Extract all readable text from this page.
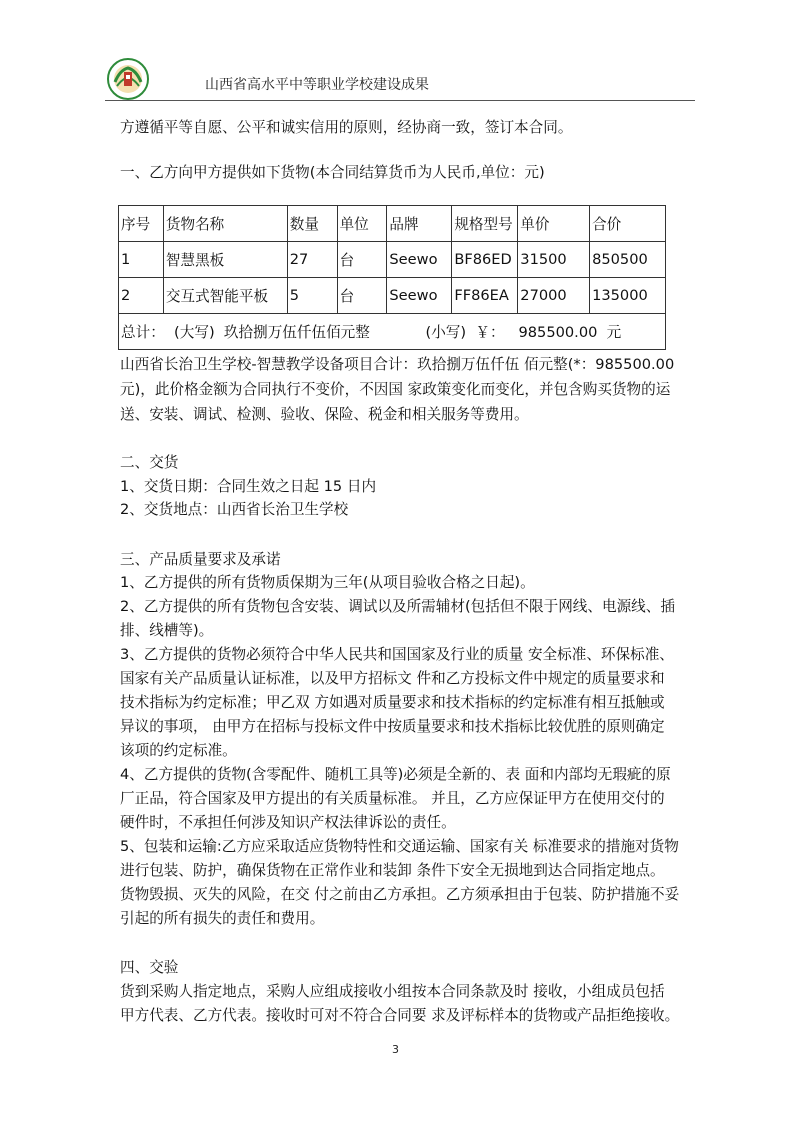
山西省高水平中等职业学校建设成果
方遵循平等自愿、公平和诚实信用的原则，经协商一致，签订本合同。
一、乙方向甲方提供如下货物(本合同结算货币为人民币,单位：元)
序号	货物名称	数量	单位	品牌	规格型号	单价	合价
1	智慧黑板	27	台	Seewo	BF86ED	31500	850500
2	交互式智能平板	5	台	Seewo	FF86EA	27000	135000
总计：  (大写)  玖拾捌万伍仟伍佰元整            (小写)  ￥：   985500.00  元							
山西省长治卫生学校-智慧教学设备项目合计：玖拾捌万伍仟伍 佰元整(*：985500.00
元)，此价格金额为合同执行不变价，不因国 家政策变化而变化，并包含购买货物的运
送、安装、调试、检测、验收、保险、税金和相关服务等费用。
二、交货
1、交货日期：合同生效之日起 15 日内
2、交货地点：山西省长治卫生学校
三、产品质量要求及承诺
1、乙方提供的所有货物质保期为三年(从项目验收合格之日起)。
2、乙方提供的所有货物包含安装、调试以及所需辅材(包括但不限于网线、电源线、插
排、线槽等)。
3、乙方提供的货物必须符合中华人民共和国国家及行业的质量 安全标准、环保标准、
国家有关产品质量认证标准，以及甲方招标文 件和乙方投标文件中规定的质量要求和
技术指标为约定标准；甲乙双 方如遇对质量要求和技术指标的约定标准有相互抵触或
异议的事项， 由甲方在招标与投标文件中按质量要求和技术指标比较优胜的原则确定
该项的约定标准。
4、乙方提供的货物(含零配件、随机工具等)必须是全新的、表 面和内部均无瑕疵的原
厂正品，符合国家及甲方提出的有关质量标准。 并且，乙方应保证甲方在使用交付的
硬件时，不承担任何涉及知识产权法律诉讼的责任。
5、包装和运输:乙方应采取适应货物特性和交通运输、国家有关 标准要求的措施对货物
进行包装、防护，确保货物在正常作业和装卸 条件下安全无损地到达合同指定地点。
货物毁损、灭失的风险，在交 付之前由乙方承担。乙方须承担由于包装、防护措施不妥
引起的所有损失的责任和费用。
四、交验
货到采购人指定地点，采购人应组成接收小组按本合同条款及时 接收，小组成员包括
甲方代表、乙方代表。接收时可对不符合合同要 求及评标样本的货物或产品拒绝接收。
3
